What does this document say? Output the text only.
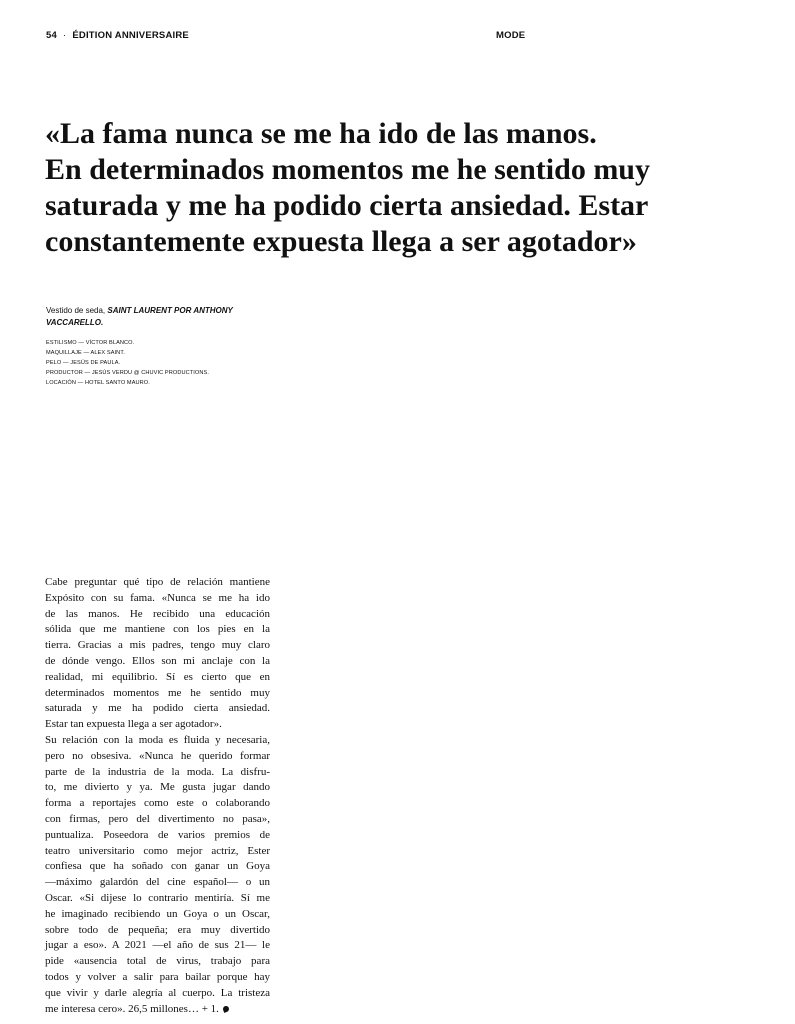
54 · ÉDITION ANNIVERSAIRE	MODE
«La fama nunca se me ha ido de las manos.
En determinados momentos me he sentido muy
saturada y me ha podido cierta ansiedad. Estar
constantemente expuesta llega a ser agotador»
Vestido de seda, SAINT LAURENT POR ANTHONY VACCARELLO.
ESTILISMO — VÍCTOR BLANCO.
MAQUILLAJE — ALEX SAINT.
PELO — JESÚS DE PAULA.
PRODUCTOR — JESÚS VERDU @ CHUVIC PRODUCTIONS.
LOCACIÓN — HOTEL SANTO MAURO.
Cabe preguntar qué tipo de relación mantiene
Expósito con su fama. «Nunca se me ha ido
de las manos. He recibido una educación
sólida que me mantiene con los pies en la
tierra. Gracias a mis padres, tengo muy claro
de dónde vengo. Ellos son mi anclaje con la
realidad, mi equilibrio. Sí es cierto que en
determinados momentos me he sentido muy
saturada y me ha podido cierta ansiedad.
Estar tan expuesta llega a ser agotador».
Su relación con la moda es fluida y necesaria,
pero no obsesiva. «Nunca he querido formar
parte de la industria de la moda. La disfru-
to, me divierto y ya. Me gusta jugar dando
forma a reportajes como este o colaborando
con firmas, pero del divertimento no pasa»,
puntualiza. Poseedora de varios premios de
teatro universitario como mejor actriz, Ester
confiesa que ha soñado con ganar un Goya
—máximo galardón del cine español— o un
Oscar. «Si dijese lo contrario mentiría. Sí me
he imaginado recibiendo un Goya o un Oscar,
sobre todo de pequeña; era muy divertido
jugar a eso». A 2021 —el año de sus 21— le
pide «ausencia total de virus, trabajo para
todos y volver a salir para bailar porque hay
que vivir y darle alegría al cuerpo. La tristeza
me interesa cero». 26,5 millones… + 1.
